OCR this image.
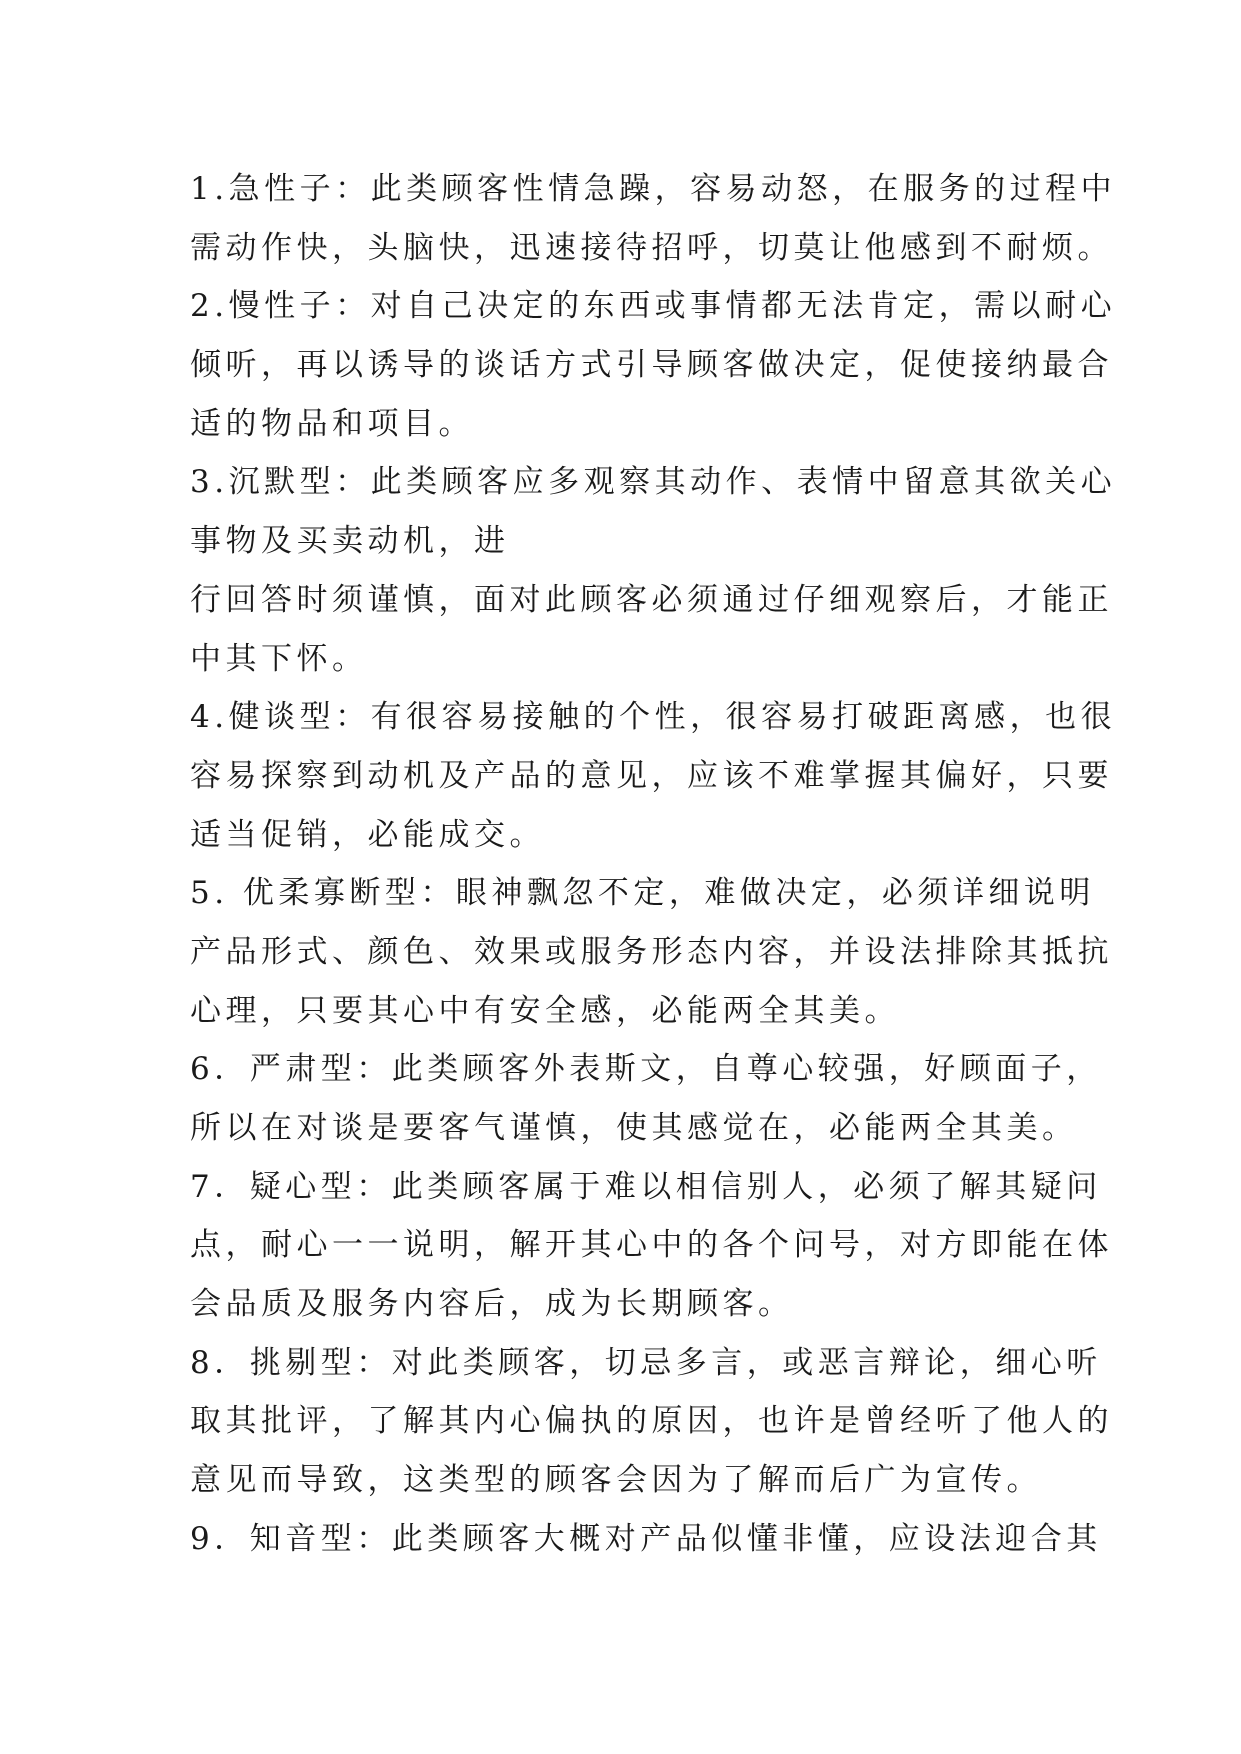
1.急性子：此类顾客性情急躁，容易动怒，在服务的过程中
需动作快，头脑快，迅速接待招呼，切莫让他感到不耐烦。
2.慢性子：对自己决定的东西或事情都无法肯定，需以耐心
倾听，再以诱导的谈话方式引导顾客做决定，促使接纳最合
适的物品和项目。
3.沉默型：此类顾客应多观察其动作、表情中留意其欲关心
事物及买卖动机，进
行回答时须谨慎，面对此顾客必须通过仔细观察后，才能正
中其下怀。
4.健谈型：有很容易接触的个性，很容易打破距离感，也很
容易探察到动机及产品的意见，应该不难掌握其偏好，只要
适当促销，必能成交。
5. 优柔寡断型：眼神飘忽不定，难做决定，必须详细说明
产品形式、颜色、效果或服务形态内容，并设法排除其抵抗
心理，只要其心中有安全感，必能两全其美。
6．严肃型：此类顾客外表斯文，自尊心较强，好顾面子，
所以在对谈是要客气谨慎，使其感觉在，必能两全其美。
7．疑心型：此类顾客属于难以相信别人，必须了解其疑问
点，耐心一一说明，解开其心中的各个问号，对方即能在体
会品质及服务内容后，成为长期顾客。
8．挑剔型：对此类顾客，切忌多言，或恶言辩论，细心听
取其批评，了解其内心偏执的原因，也许是曾经听了他人的
意见而导致，这类型的顾客会因为了解而后广为宣传。
9．知音型：此类顾客大概对产品似懂非懂，应设法迎合其
